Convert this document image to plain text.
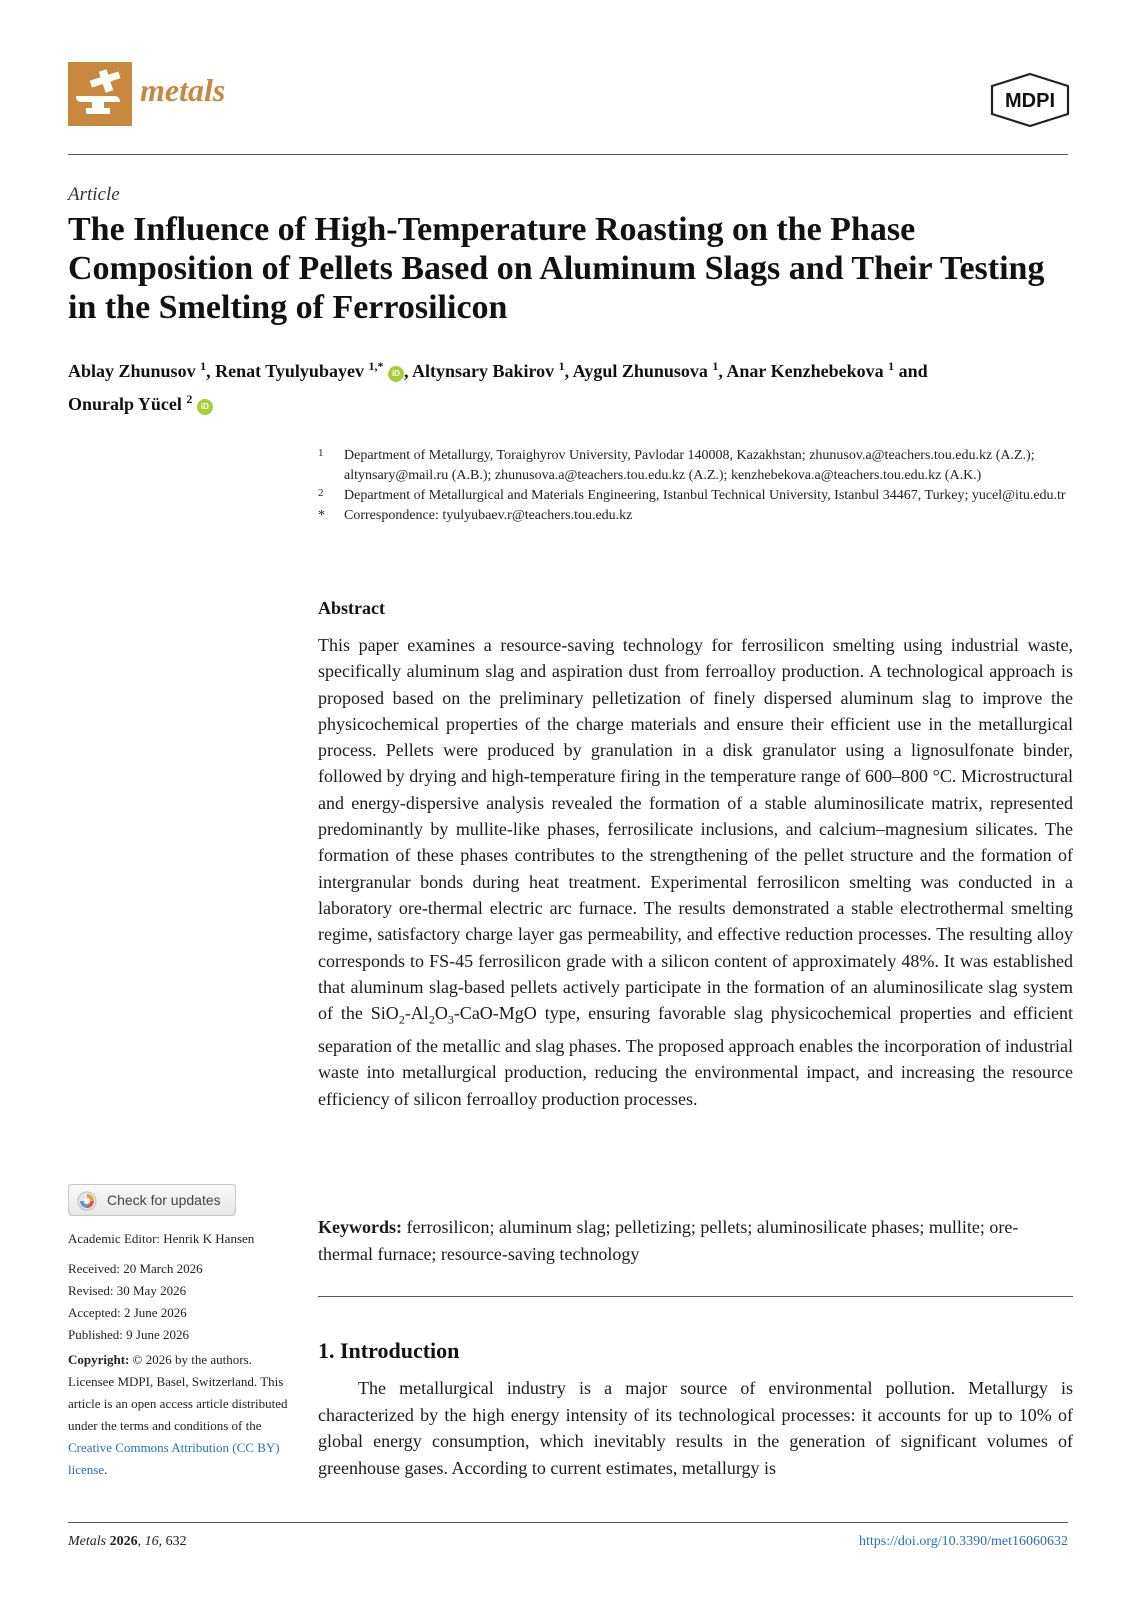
metals	MDPI
Article
The Influence of High-Temperature Roasting on the Phase Composition of Pellets Based on Aluminum Slags and Their Testing in the Smelting of Ferrosilicon
Ablay Zhunusov $^1$, Renat Tyulyubayev $^{1,*}$ iD , Altynsary Bakirov $^1$, Aygul Zhunusova $^1$, Anar Kenzhebekova $^1$ and
Onuralp Yücel $^2$ iD
1 Department of Metallurgy, Toraighyrov University, Pavlodar 140008, Kazakhstan; zhunusov.a@teachers.tou.edu.kz (A.Z.); altynsary@mail.ru (A.B.); zhunusova.a@teachers.tou.edu.kz (A.Z.); kenzhebekova.a@teachers.tou.edu.kz (A.K.)
2 Department of Metallurgical and Materials Engineering, Istanbul Technical University, Istanbul 34467, Turkey; yucel@itu.edu.tr
* Correspondence: tyulyubaev.r@teachers.tou.edu.kz
Abstract

This paper examines a resource-saving technology for ferrosilicon smelting using industrial waste, specifically aluminum slag and aspiration dust from ferroalloy production. A technological approach is proposed based on the preliminary pelletization of finely dispersed aluminum slag to improve the physicochemical properties of the charge materials and ensure their efficient use in the metallurgical process. Pellets were produced by granulation in a disk granulator using a lignosulfonate binder, followed by drying and high-temperature firing in the temperature range of 600–800 °C. Microstructural and energy-dispersive analysis revealed the formation of a stable aluminosilicate matrix, represented predominantly by mullite-like phases, ferrosilicate inclusions, and calcium–magnesium silicates. The formation of these phases contributes to the strengthening of the pellet structure and the formation of intergranular bonds during heat treatment. Experimental ferrosilicon smelting was conducted in a laboratory ore-thermal electric arc furnace. The results demonstrated a stable electrothermal smelting regime, satisfactory charge layer gas permeability, and effective reduction processes. The resulting alloy corresponds to FS-45 ferrosilicon grade with a silicon content of approximately 48%. It was established that aluminum slag-based pellets actively participate in the formation of an aluminosilicate slag system of the $SiO_2-Al_2O_3-CaO$-MgO type, ensuring favorable slag physicochemical properties and efficient separation of the metallic and slag phases. The proposed approach enables the incorporation of industrial waste into metallurgical production, reducing the environmental impact, and increasing the resource efficiency of silicon ferroalloy production processes.

Keywords: ferrosilicon; aluminum slag; pelletizing; pellets; aluminosilicate phases; mullite; ore-thermal furnace; resource-saving technology

1. Introduction

The metallurgical industry is a major source of environmental pollution. Metallurgy is characterized by the high energy intensity of its technological processes: it accounts for up to 10% of global energy consumption, which inevitably results in the generation of significant volumes of greenhouse gases. According to current estimates, metallurgy is

Check for updates
Academic Editor: Henrik K Hansen
Received: 20 March 2026
Revised: 30 May 2026
Accepted: 2 June 2026
Published: 9 June 2026
Copyright: © 2026 by the authors. Licensee MDPI, Basel, Switzerland. This article is an open access article distributed under the terms and conditions of the Creative Commons Attribution (CC BY) license.
Metals 2026, 16, 632	https://doi.org/10.3390/met16060632
